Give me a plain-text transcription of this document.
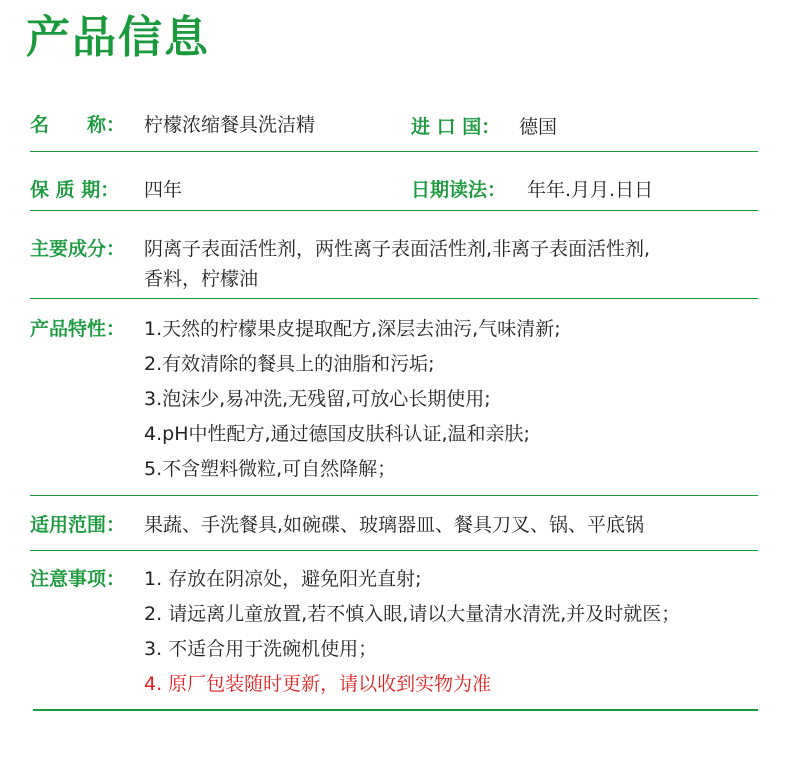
产品信息
名　　称： 柠檬浓缩餐具洗洁精	进 口 国： 德国
保 质 期： 四年	日期读法： 年年.月月.日日
主要成分： 阴离子表面活性剂，两性离子表面活性剂,非离子表面活性剂,
香料，柠檬油
产品特性： 1.天然的柠檬果皮提取配方,深层去油污,气味清新;
2.有效清除的餐具上的油脂和污垢;
3.泡沫少,易冲洗,无残留,可放心长期使用;
4.pH中性配方,通过德国皮肤科认证,温和亲肤;
5.不含塑料微粒,可自然降解；
适用范围： 果蔬、手洗餐具,如碗碟、玻璃器皿、餐具刀叉、锅、平底锅
注意事项： 1. 存放在阴凉处，避免阳光直射;
2. 请远离儿童放置,若不慎入眼,请以大量清水清洗,并及时就医；
3. 不适合用于洗碗机使用；
4. 原厂包装随时更新，请以收到实物为准
